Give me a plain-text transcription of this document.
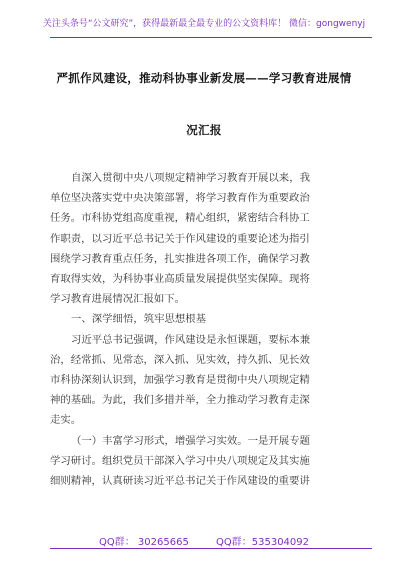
关注头条号“公文研究”，获得最新最全最专业的公文资料库！ 微信：gongwenyj
严抓作风建设，推动科协事业新发展——学习教育进展情
况汇报
自深入贯彻中央八项规定精神学习教育开展以来，我
单位坚决落实党中央决策部署，将学习教育作为重要政治
任务。市科协党组高度重视，精心组织，紧密结合科协工
作职责，以习近平总书记关于作风建设的重要论述为指引
围绕学习教育重点任务，扎实推进各项工作，确保学习教
育取得实效，为科协事业高质量发展提供坚实保障。现将
学习教育进展情况汇报如下。
一、深学细悟，筑牢思想根基
习近平总书记强调，作风建设是永恒课题，要标本兼
治，经常抓、见常态，深入抓、见实效，持久抓、见长效
市科协深刻认识到，加强学习教育是贯彻中央八项规定精
神的基础。为此，我们多措并举，全力推动学习教育走深
走实。
（一）丰富学习形式，增强学习实效。一是开展专题
学习研讨。组织党员干部深入学习中央八项规定及其实施
细则精神，认真研读习近平总书记关于作风建设的重要讲
QQ群： 30265665	QQ群：535304092
